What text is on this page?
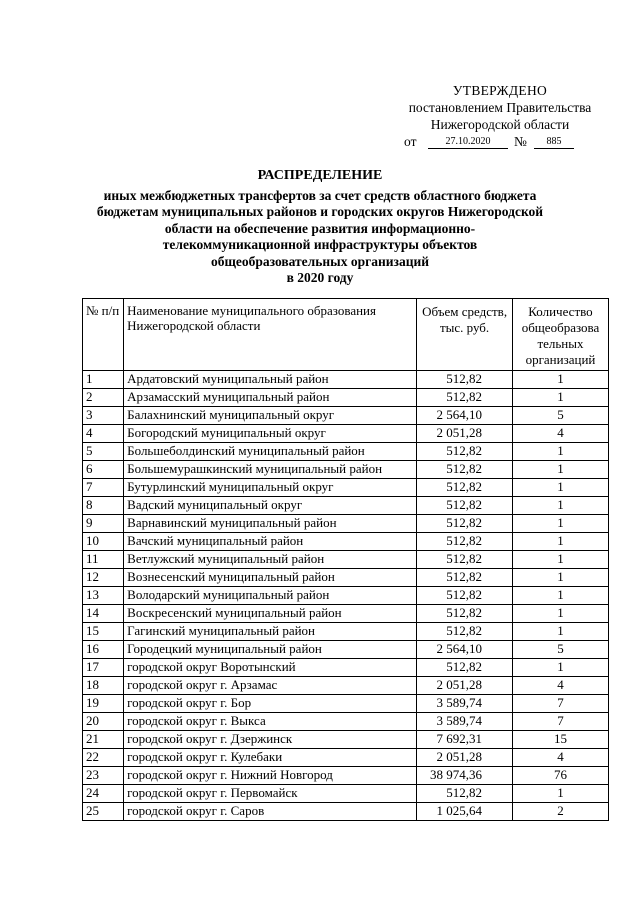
УТВЕРЖДЕНО
постановлением Правительства
Нижегородской области
от	27.10.2020	№	885
РАСПРЕДЕЛЕНИЕ
иных межбюджетных трансфертов за счет средств областного бюджета
бюджетам муниципальных районов и городских округов Нижегородской
области на обеспечение развития информационно-
телекоммуникационной инфраструктуры объектов
общеобразовательных организаций
в 2020 году
№ п/п	Наименование муниципального образования Нижегородской области	Объем средств, тыс. руб.	Количество общеобразова тельных организаций
1	Ардатовский муниципальный район	512,82	1
2	Арзамасский муниципальный район	512,82	1
3	Балахнинский муниципальный округ	2 564,10	5
4	Богородский муниципальный округ	2 051,28	4
5	Большеболдинский муниципальный район	512,82	1
6	Большемурашкинский муниципальный район	512,82	1
7	Бутурлинский муниципальный округ	512,82	1
8	Вадский муниципальный округ	512,82	1
9	Варнавинский муниципальный район	512,82	1
10	Вачский муниципальный район	512,82	1
11	Ветлужский муниципальный район	512,82	1
12	Вознесенский муниципальный район	512,82	1
13	Володарский муниципальный район	512,82	1
14	Воскресенский муниципальный район	512,82	1
15	Гагинский муниципальный район	512,82	1
16	Городецкий муниципальный район	2 564,10	5
17	городской округ Воротынский	512,82	1
18	городской округ г. Арзамас	2 051,28	4
19	городской округ г. Бор	3 589,74	7
20	городской округ г. Выкса	3 589,74	7
21	городской округ г. Дзержинск	7 692,31	15
22	городской округ г. Кулебаки	2 051,28	4
23	городской округ г. Нижний Новгород	38 974,36	76
24	городской округ г. Первомайск	512,82	1
25	городской округ г. Саров	1 025,64	2
